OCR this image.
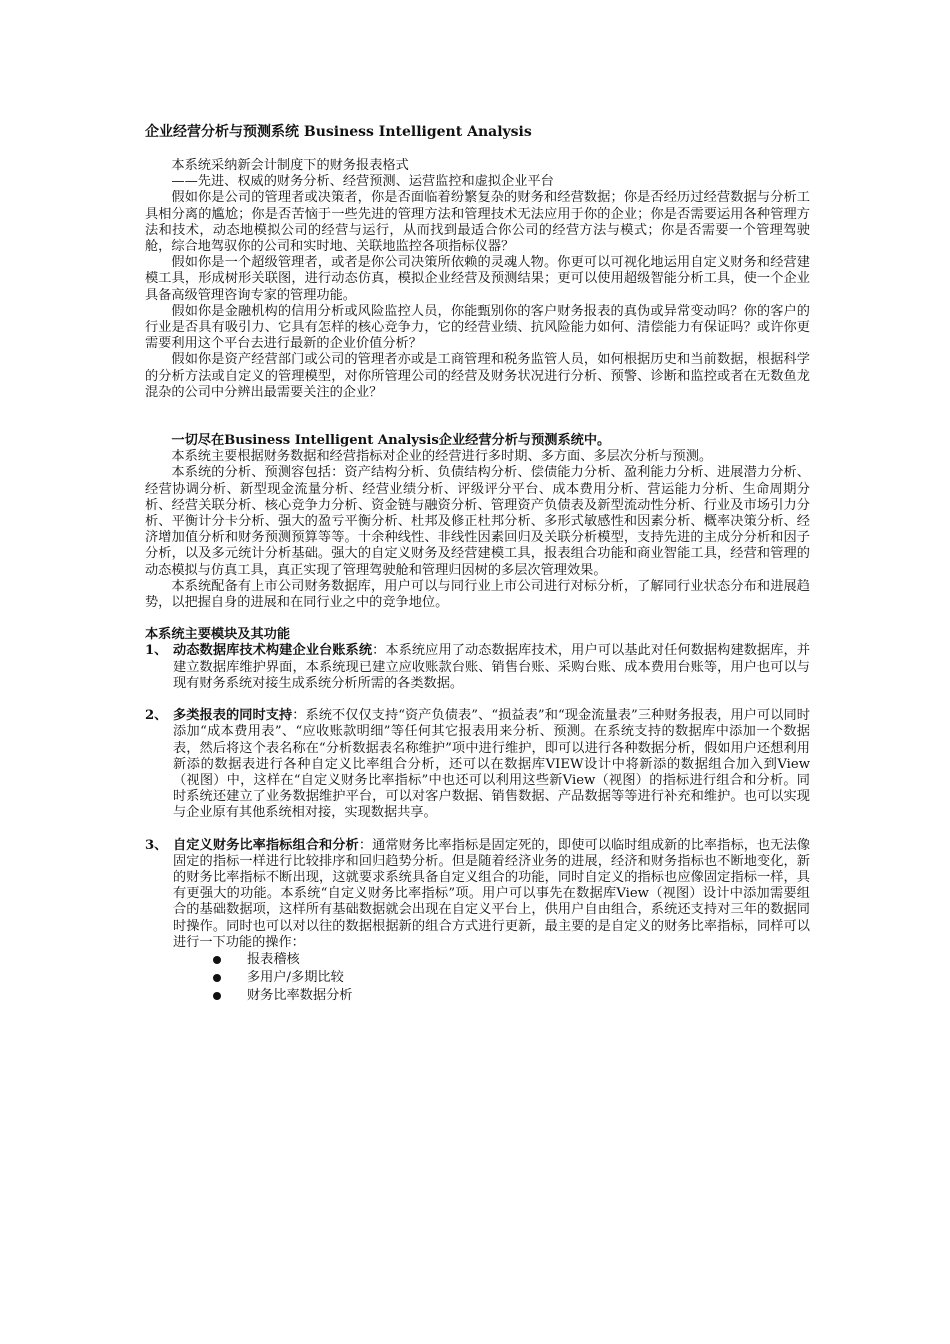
企业经营分析与预测系统 Business Intelligent Analysis

本系统采纳新会计制度下的财务报表格式

——先进、权威的财务分析、经营预测、运营监控和虚拟企业平台

假如你是公司的管理者或决策者，你是否面临着纷繁复杂的财务和经营数据；你是否经历过经营数据与分析工具相分离的尴尬；你是否苦恼于一些先进的管理方法和管理技术无法应用于你的企业；你是否需要运用各种管理方法和技术，动态地模拟公司的经营与运行，从而找到最适合你公司的经营方法与模式；你是否需要一个管理驾驶舱，综合地驾驭你的公司和实时地、关联地监控各项指标仪器？

假如你是一个超级管理者，或者是你公司决策所依赖的灵魂人物。你更可以可视化地运用自定义财务和经营建模工具，形成树形关联图，进行动态仿真，模拟企业经营及预测结果；更可以使用超级智能分析工具，使一个企业具备高级管理咨询专家的管理功能。

假如你是金融机构的信用分析或风险监控人员，你能甄别你的客户财务报表的真伪或异常变动吗？你的客户的行业是否具有吸引力、它具有怎样的核心竞争力，它的经营业绩、抗风险能力如何、清偿能力有保证吗？或许你更需要利用这个平台去进行最新的企业价值分析？

假如你是资产经营部门或公司的管理者亦或是工商管理和税务监管人员，如何根据历史和当前数据，根据科学的分析方法或自定义的管理模型，对你所管理公司的经营及财务状况进行分析、预警、诊断和监控或者在无数鱼龙混杂的公司中分辨出最需要关注的企业？

一切尽在Business Intelligent Analysis企业经营分析与预测系统中。

本系统主要根据财务数据和经营指标对企业的经营进行多时期、多方面、多层次分析与预测。

本系统的分析、预测容包括：资产结构分析、负债结构分析、偿债能力分析、盈利能力分析、进展潜力分析、经营协调分析、新型现金流量分析、经营业绩分析、评级评分平台、成本费用分析、营运能力分析、生命周期分析、经营关联分析、核心竞争力分析、资金链与融资分析、管理资产负债表及新型流动性分析、行业及市场引力分析、平衡计分卡分析、强大的盈亏平衡分析、杜邦及修正杜邦分析、多形式敏感性和因素分析、概率决策分析、经济增加值分析和财务预测预算等等。十余种线性、非线性因素回归及关联分析模型，支持先进的主成分分析和因子分析，以及多元统计分析基础。强大的自定义财务及经营建模工具，报表组合功能和商业智能工具，经营和管理的动态模拟与仿真工具，真正实现了管理驾驶舱和管理归因树的多层次管理效果。

本系统配备有上市公司财务数据库，用户可以与同行业上市公司进行对标分析，了解同行业状态分布和进展趋势，以把握自身的进展和在同行业之中的竞争地位。

本系统主要模块及其功能

1、 动态数据库技术构建企业台账系统：本系统应用了动态数据库技术，用户可以基此对任何数据构建数据库，并建立数据库维护界面，本系统现已建立应收账款台账、销售台账、采购台账、成本费用台账等，用户也可以与现有财务系统对接生成系统分析所需的各类数据。
2、 多类报表的同时支持：系统不仅仅支持“资产负债表”、“损益表”和“现金流量表”三种财务报表，用户可以同时添加“成本费用表”、“应收账款明细”等任何其它报表用来分析、预测。在系统支持的数据库中添加一个数据表，然后将这个表名称在“分析数据表名称维护”项中进行维护，即可以进行各种数据分析，假如用户还想利用新添的数据表进行各种自定义比率组合分析，还可以在数据库VIEW设计中将新添的数据组合加入到View（视图）中，这样在“自定义财务比率指标”中也还可以利用这些新View（视图）的指标进行组合和分析。同时系统还建立了业务数据维护平台，可以对客户数据、销售数据、产品数据等等进行补充和维护。也可以实现与企业原有其他系统相对接，实现数据共享。
3、 自定义财务比率指标组合和分析：通常财务比率指标是固定死的，即使可以临时组成新的比率指标，也无法像固定的指标一样进行比较排序和回归趋势分析。但是随着经济业务的进展，经济和财务指标也不断地变化，新的财务比率指标不断出现，这就要求系统具备自定义组合的功能，同时自定义的指标也应像固定指标一样，具有更强大的功能。本系统“自定义财务比率指标”项。用户可以事先在数据库View（视图）设计中添加需要组合的基础数据项，这样所有基础数据就会出现在自定义平台上，供用户自由组合，系统还支持对三年的数据同时操作。同时也可以对以往的数据根据新的组合方式进行更新，最主要的是自定义的财务比率指标，同样可以进行一下功能的操作：
报表稽核
多用户/多期比较
财务比率数据分析
